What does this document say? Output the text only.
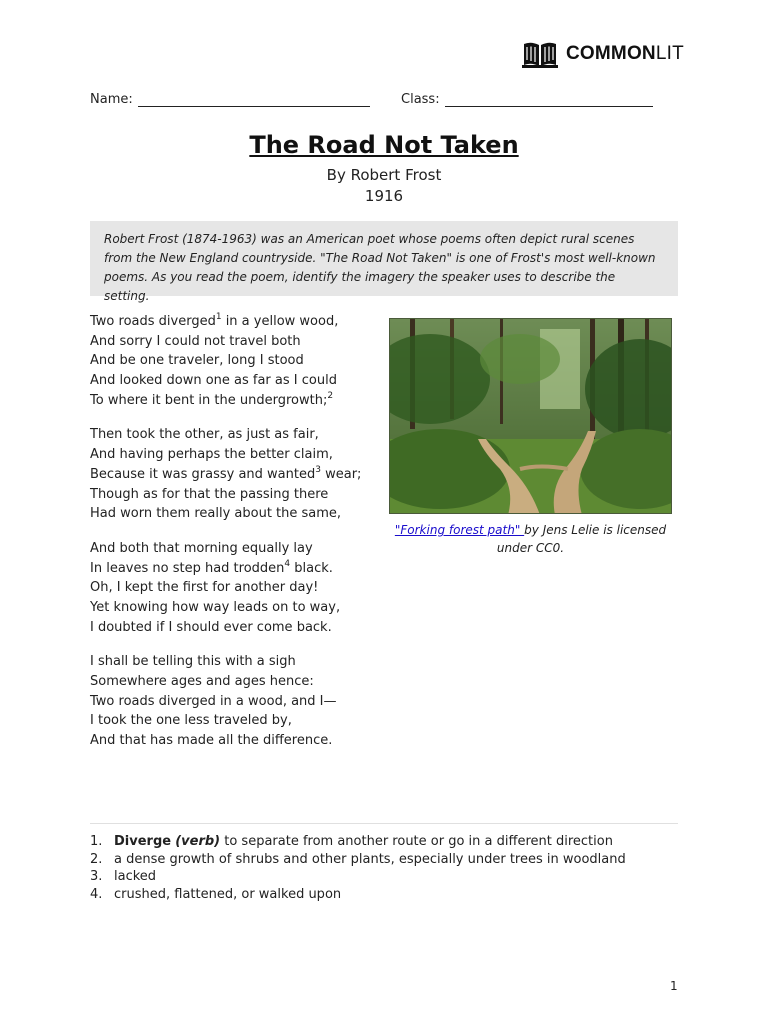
COMMONLIT
Name:	Class:
The Road Not Taken
By Robert Frost
1916
Robert Frost (1874-1963) was an American poet whose poems often depict rural scenes from the New England countryside. "The Road Not Taken" is one of Frost's most well-known poems. As you read the poem, identify the imagery the speaker uses to describe the setting.
Two roads diverged$^1$ in a yellow wood,
And sorry I could not travel both
And be one traveler, long I stood
And looked down one as far as I could
To where it bent in the undergrowth;$^2$
Then took the other, as just as fair,
And having perhaps the better claim,
Because it was grassy and wanted$^3$ wear;
Though as for that the passing there
Had worn them really about the same,
And both that morning equally lay
In leaves no step had trodden$^4$ black.
Oh, I kept the first for another day!
Yet knowing how way leads on to way,
I doubted if I should ever come back.
I shall be telling this with a sigh
Somewhere ages and ages hence:
Two roads diverged in a wood, and I—
I took the one less traveled by,
And that has made all the difference.
"Forking forest path" by Jens Lelie is licensed under CC0.
1. Diverge (verb) to separate from another route or go in a different direction
2. a dense growth of shrubs and other plants, especially under trees in woodland
3. lacked
4. crushed, flattened, or walked upon
1
